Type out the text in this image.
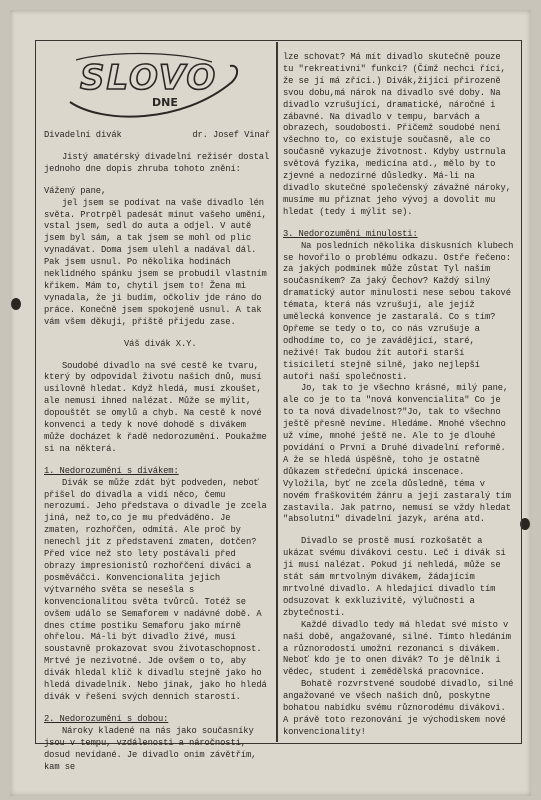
SLOVO
DNE
Divadelní divák	dr. Josef Vinař

Jistý amatérský divadelní režisér dostal jednoho dne dopis zhruba tohoto znění:

Vážený pane,

jel jsem se podívat na vaše divadlo lén světa. Protrpěl padesát minut vašeho umění, vstal jsem, sedl do auta a odjel. V autě jsem byl sám, a tak jsem se mohl od plic vynadávat. Doma jsem ulehl a nadával dál. Pak jsem usnul. Po několika hodinách neklidného spánku jsem se probudil vlastním křikem. Mám to, chytil jsem to! Žena mi vynadala, že ji budím, očkoliv jde ráno do práce. Konečně jsem spokojeně usnul. A tak vám všem děkuji, příště přijedu zase.

Váš divák X.Y.

Soudobé divadlo na své cestě ke tvaru, který by odpovídal životu našich dnů, musí usilovně hledat. Když hledá, musí zkoušet, ale nemusí ihned nalézat. Může se mýlit, dopouštět se omylů a chyb. Na cestě k nové konvenci a tedy k nové dohodě s divákem může docházet k řadě nedorozumění. Poukažme si na některá.

1. Nedorozumění s divákem:

Divák se může zdát být podveden, neboť přišel do divadla a vidí něco, čemu nerozumí. Jeho představa o divadle je zcela jiná, než to,co je mu předváděno. Je zmaten, rozhořčen, odmítá. Ale proč by nenechl jít z představení zmaten, dotčen? Před více než sto lety postávali před obrazy impresionistů rozhořčení diváci a posměváčci. Konvencionalita jejich výtvarného světa se nesešla s konvencionalitou světa tvůrců. Totéž se ovšem událo se Semaforem v nadávné době. A dnes ctíme postiku Semaforu jako mírně ohřelou. Má-li být divadlo živé, musí soustavně prokazovat svou životaschopnost. Mrtvé je nezivotné. Jde ovšem o to, aby divák hledal klíč k divadlu stejně jako ho hledá divadelník. Nebo jinak, jako ho hledá divák v řešení svých denních starostí.

2. Nedorozumění s dobou:

Nároky kladené na nás jako současníky jsou v tempu, vzdálenosti a náročnosti, dosud nevídané. Je divadlo onim závětřím, kam se

lze schovat? Má mít divadlo skutečně pouze tu "rekreativní" funkci? (Čímž nechci říci, že se jí má zříci.) Divák,žijící přirozeně svou dobu,má nárok na divadlo své doby. Na divadlo vzrušující, dramatické, náročné i zábavné. Na divadlo v tempu, barvách a obrazech, soudobosti. Přičemž soudobé není všechno to, co existuje současně, ale co současně vykazuje životnost. Kdyby ustrnula světová fyzika, medicína atd., mělo by to zjevné a nedozírné důsledky. Má-li na divadlo skutečné společenský závažné nároky, musíme mu přiznat jeho vývoj a dovolit mu hledat (tedy i mýlit se).

3. Nedorozumění minulosti:

Na posledních několika diskusních klubech se hovořilo o problému odkazu. Ostře řečeno: za jakých podmínek může zůstat Tyl naším současníkem? Za jaký Čechov? Každý silný dramatický autor minulosti nese sebou takové témata, která nás vzrušují, ale jejíž umělecká konvence je zastaralá. Co s tím? Opřeme se tedy o to, co nás vzrušuje a odhodíme to, co je zavádějící, staré, neživé! Tak budou žít autoři starší tisíciletí stejně silně, jako nejlepší autoři naší společnosti.

Jo, tak to je všechno krásné, milý pane, ale co je to ta "nová konvencialita" Co je to ta nová divadelnost?"Jo, tak to všechno ještě přesně nevíme. Hledáme. Mnohé všechno už víme, mnohé ještě ne. Ale to je dlouhé povídání o První a Druhé divadelní reformě. A že se hledá úspěšně, toho je ostatně důkazem středeční úpická inscenace. Vyložila, byť ne zcela důsledně, téma v novém fraškovitém žánru a její zastaralý tím zastavila. Jak patrno, nemusí se vždy hledat "absolutní" divadelní jazyk, aréna atd.

Divadlo se prostě musí rozkošatět a ukázat svému divákovi cestu. Leč i divák si ji musí nalézat. Pokud jí nehledá, může se stát sám mrtvolným divákem, žádajícím mrtvolné divadlo. A hledající divadlo tím odsuzovat k exkluzivitě, výlučnosti a zbytečnosti.

Každé divadlo tedy má hledat své místo v naší době, angažované, silné. Tímto hledáním a různorodostí umožní rezonanci s divákem. Neboť kdo je to onen divák? To je dělník i vědec, student i zemědělská pracovnice.

Bohatě rozvrstvené soudobé divadlo, silné angažované ve všech našich dnů, poskytne bohatou nabídku svému různorodému divákovi. A právě toto rezonování je východiskem nové konvencionality!
